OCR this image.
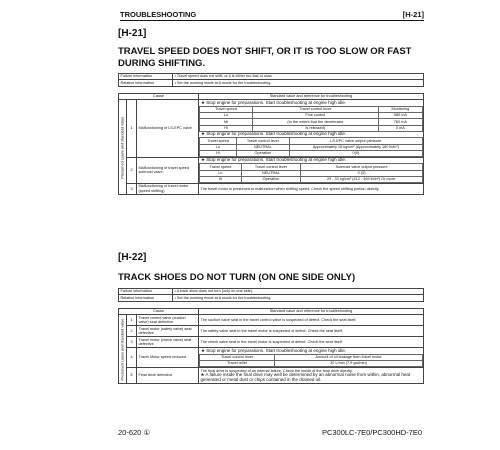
TROUBLESHOOTING	[H-21]
[H-21]
TRAVEL SPEED DOES NOT SHIFT, OR IT IS TOO SLOW OR FAST DURING SHIFTING.
Failure information	• Travel speed does not shift, or it is either too fast or slow.
Relative information	• Set the working mode at A mode for the troubleshooting.
Cause	Standard value and reference for troubleshooting
Presumed cause and standard value	1	Malfunctioning of LS-EPC valve	
★ Stop engine for preparations. Start troubleshooting at engine high idle.
Travel speed	Travel control lever	Monitoring
Lo	Fine control	580 mA
Mi	(to the extent that the decelerator	760 mA
Hi	is released)	0 mA
★ Stop engine for preparations. Start troubleshooting at engine high idle.
Travel speed	Travel control lever	LS-EPC valve output pressure
Lo	NEUTRAL	Approximately 18 kg/cm² (Approximately 180 lb/in²)
Hi	Operation	0(0)

2	Malfunctioning of travel speed solenoid valve	
★ Stop engine for preparations. Start troubleshooting at engine high idle.
Travel speed	Travel control lever	Solenoid valve output pressure
Lo	NEUTRAL	0 (0)
Hi	Operation	29 - 33 kg/cm² (412 - 469 lb/in²) Or more.

3	Malfunctioning of travel motor (speed shifting)	The travel motor is presumed to malfunction when shifting speed. Check the speed shifting portion directly.
[H-22]
TRACK SHOES DO NOT TURN (ON ONE SIDE ONLY)
Failure information	• A track shoe does not turn (only on one side).
Relative information	• Set the working mode at A mode for the troubleshooting.
Cause	Standard value and reference for troubleshooting
Presumed cause and standard value	1	Travel control valve (suction valve) seat defective	The suction valve seat in the travel control valve is suspected of defect. Check the seat itself.
2	Travel motor (safety valve) seat defective	The safety valve seat in the travel motor is suspected of defect. Check the seat itself.
3	Travel motor (check valve) seat defective	The check valve seat in the travel motor is suspected of defect. Check the seat itself.
4	Travel Motor speed reduced	
★ Stop engine for preparations. Start troubleshooting at engine high idle.
Travel control lever	Amount of oil leakage from travel motor
Travel relief	30 L/min (7.9 gal/min)

5	Final drive defective	
The final drive is suspected of an internal failure. Check the inside of the final drive directly.
★ A failure inside the final drive may well be determined by an abnormal noise from within, abnormal heat generated or metal dust or chips contained in the drained oil.
20-620 ①	PC300LC-7E0/PC300HD-7E0
